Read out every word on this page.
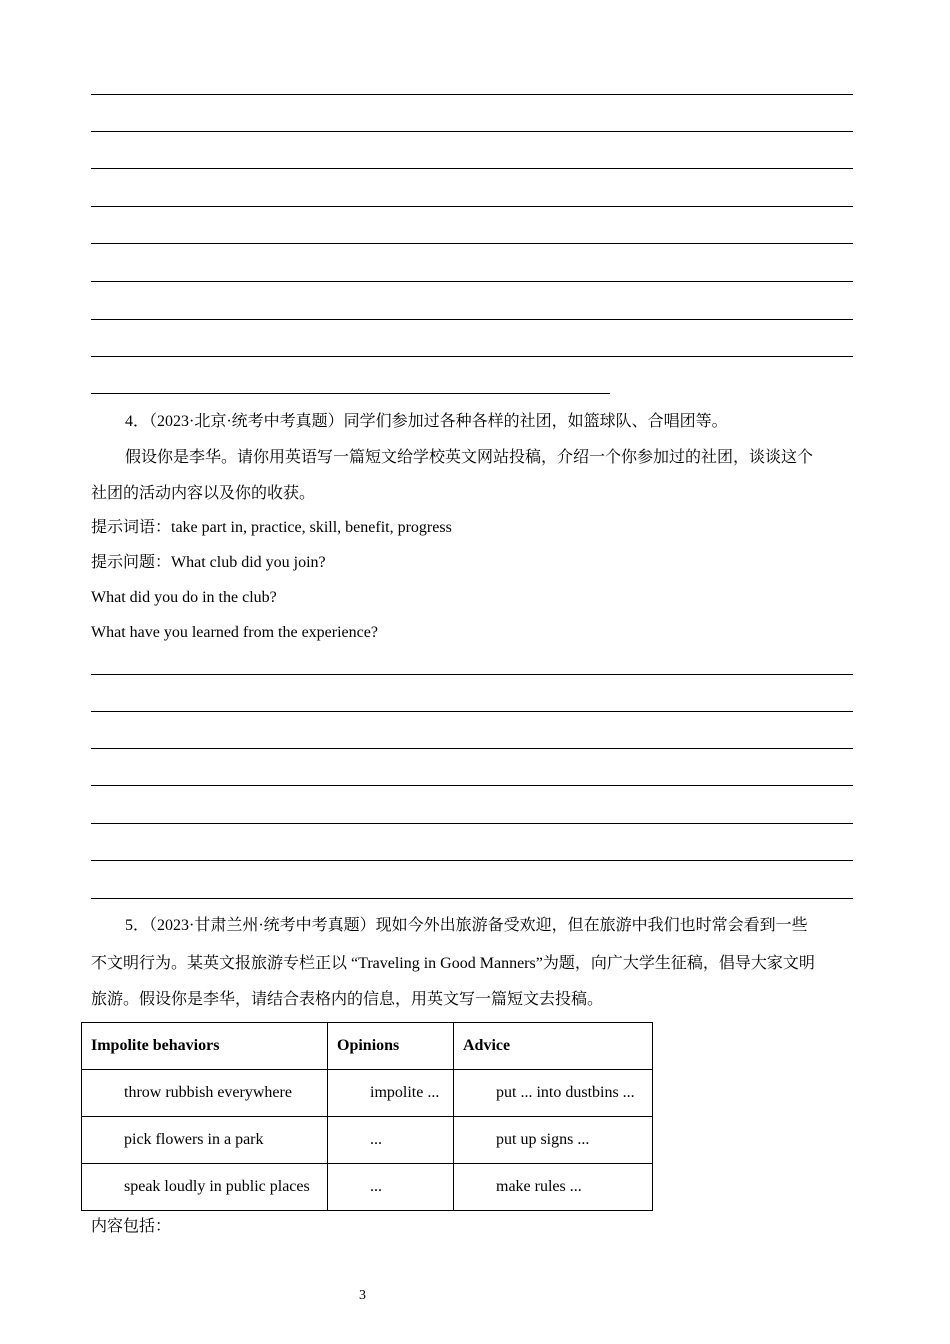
4．（2023·北京·统考中考真题）同学们参加过各种各样的社团，如篮球队、合唱团等。
假设你是李华。请你用英语写一篇短文给学校英文网站投稿，介绍一个你参加过的社团，谈谈这个
社团的活动内容以及你的收获。
提示词语：take part in, practice, skill, benefit, progress
提示问题：What club did you join?
What did you do in the club?
What have you learned from the experience?
5．（2023·甘肃兰州·统考中考真题）现如今外出旅游备受欢迎，但在旅游中我们也时常会看到一些
不文明行为。某英文报旅游专栏正以 “Traveling in Good Manners”为题，向广大学生征稿，倡导大家文明
旅游。假设你是李华，请结合表格内的信息，用英文写一篇短文去投稿。
Impolite behaviors	Opinions	Advice
throw rubbish everywhere	impolite ...	put ... into dustbins ...
pick flowers in a park	...	put up signs ...
speak loudly in public places	...	make rules ...
内容包括：
3
